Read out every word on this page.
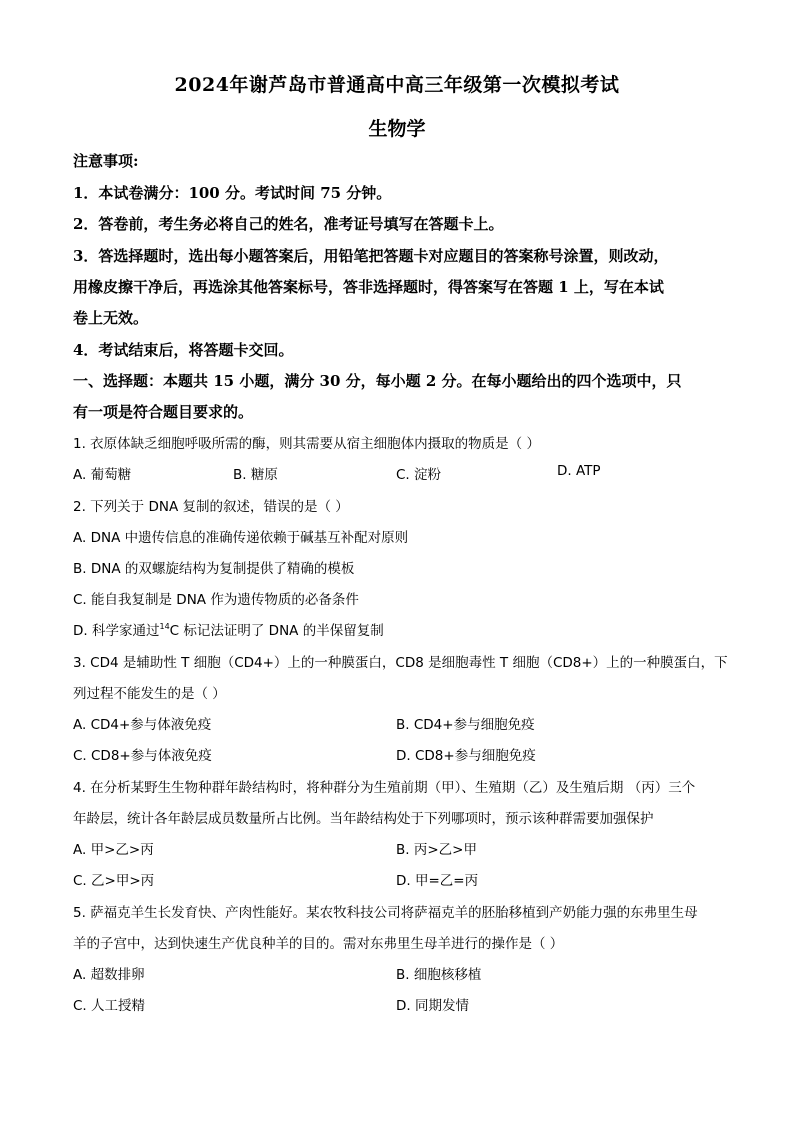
2024年谢芦岛市普通高中高三年级第一次模拟考试
生物学
注意事项:
1．本试卷满分：100 分。考试时间 75 分钟。
2．答卷前，考生务必将自己的姓名，准考证号填写在答题卡上。
3．答选择题时，选出每小题答案后，用铅笔把答题卡对应题目的答案称号涂置，则改动，
用橡皮擦干净后，再选涂其他答案标号，答非选择题时，得答案写在答题 1 上，写在本试
卷上无效。
4．考试结束后，将答题卡交回。
一、选择题：本题共 15 小题，满分 30 分，每小题 2 分。在每小题给出的四个选项中，只
有一项是符合题目要求的。
1. 衣原体缺乏细胞呼吸所需的酶，则其需要从宿主细胞体内摄取的物质是（ ）
A. 葡萄糖	B. 糖原	C. 淀粉	D. ATP
2. 下列关于 DNA 复制的叙述，错误的是（ ）
A. DNA 中遗传信息的准确传递依赖于碱基互补配对原则
B. DNA 的双螺旋结构为复制提供了精确的模板
C. 能自我复制是 DNA 作为遗传物质的必备条件
D. 科学家通过$^{14}$C 标记法证明了 DNA 的半保留复制
3. CD4 是辅助性 T 细胞（CD4+）上的一种膜蛋白，CD8 是细胞毒性 T 细胞（CD8+）上的一种膜蛋白，下
列过程不能发生的是（ ）
A. CD4+参与体液免疫	B. CD4+参与细胞免疫
C. CD8+参与体液免疫	D. CD8+参与细胞免疫
4. 在分析某野生生物种群年龄结构时，将种群分为生殖前期（甲）、生殖期（乙）及生殖后期 （丙）三个
年龄层，统计各年龄层成员数量所占比例。当年龄结构处于下列哪项时，预示该种群需要加强保护
A. 甲>乙>丙	B. 丙>乙>甲
C. 乙>甲>丙	D. 甲=乙=丙
5. 萨福克羊生长发育快、产肉性能好。某农牧科技公司将萨福克羊的胚胎移植到产奶能力强的东弗里生母
羊的子宫中，达到快速生产优良种羊的目的。需对东弗里生母羊进行的操作是（ ）
A. 超数排卵	B. 细胞核移植
C. 人工授精	D. 同期发情
